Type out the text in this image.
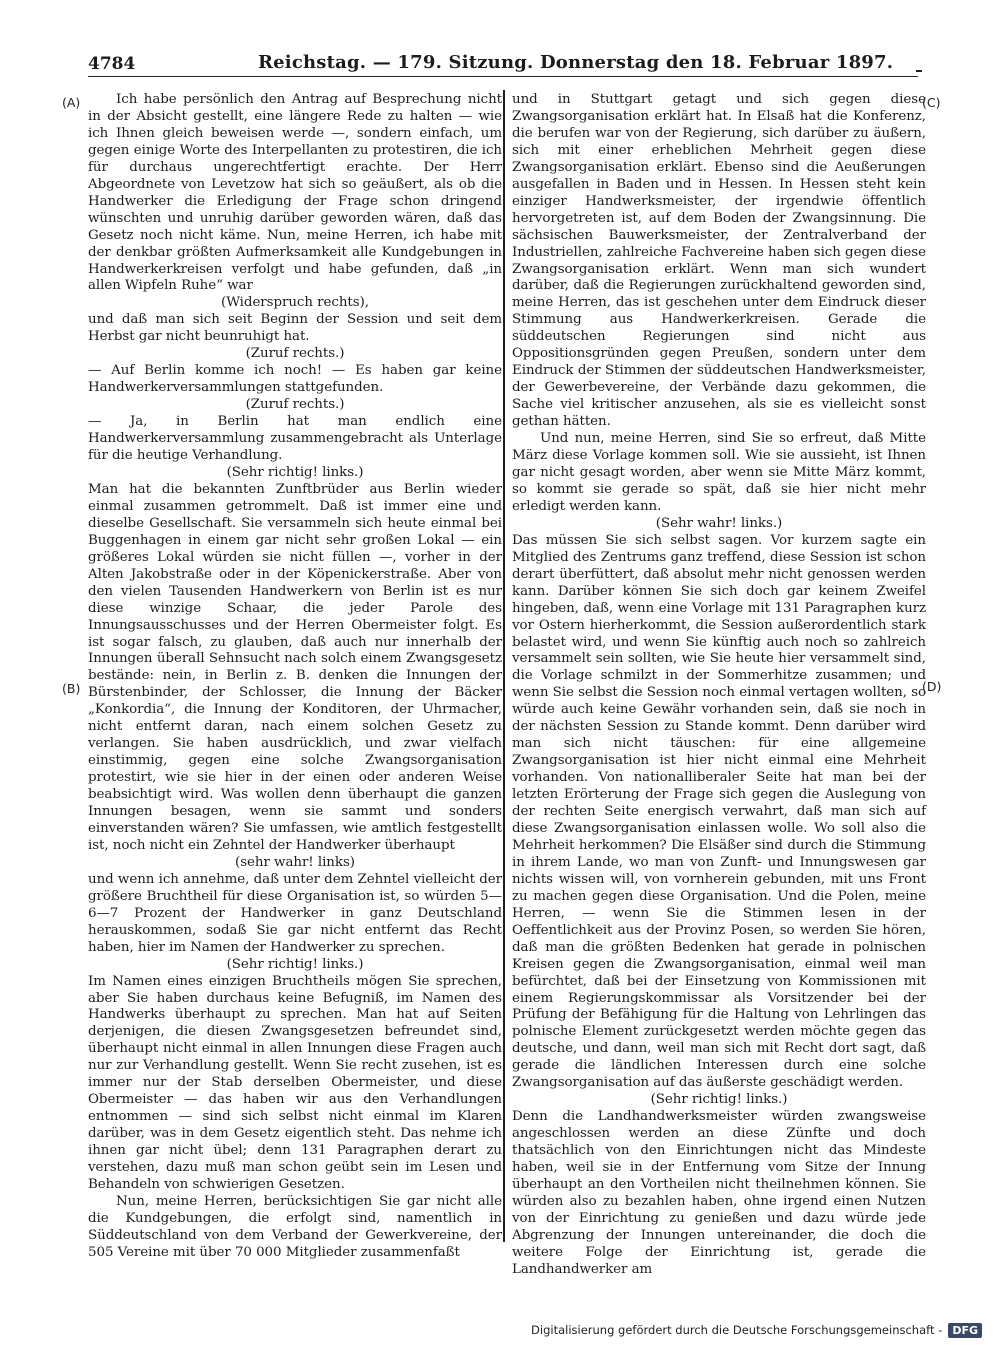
4784	Reichstag. — 179. Sitzung. Donnerstag den 18. Februar 1897.
(A)
(B)
(C)
(D)

Ich habe persönlich den Antrag auf Besprechung nicht in der Absicht gestellt, eine längere Rede zu halten — wie ich Ihnen gleich beweisen werde —, sondern einfach, um gegen einige Worte des Interpellanten zu protestiren, die ich für durchaus ungerechtfertigt erachte. Der Herr Abgeordnete von Levetzow hat sich so geäußert, als ob die Handwerker die Erledigung der Frage schon dringend wünschten und unruhig darüber geworden wären, daß das Gesetz noch nicht käme. Nun, meine Herren, ich habe mit der denkbar größten Aufmerksamkeit alle Kundgebungen in Handwerkerkreisen verfolgt und habe gefunden, daß „in allen Wipfeln Ruhe“ war

(Widerspruch rechts),

und daß man sich seit Beginn der Session und seit dem Herbst gar nicht beunruhigt hat.

(Zuruf rechts.)

— Auf Berlin komme ich noch! — Es haben gar keine Handwerkerversammlungen stattgefunden.

(Zuruf rechts.)

— Ja, in Berlin hat man endlich eine Handwerkerversammlung zusammengebracht als Unterlage für die heutige Verhandlung.

(Sehr richtig! links.)

Man hat die bekannten Zunftbrüder aus Berlin wieder einmal zusammen getrommelt. Daß ist immer eine und dieselbe Gesellschaft. Sie versammeln sich heute einmal bei Buggenhagen in einem gar nicht sehr großen Lokal — ein größeres Lokal würden sie nicht füllen —, vorher in der Alten Jakobstraße oder in der Köpenickerstraße. Aber von den vielen Tausenden Handwerkern von Berlin ist es nur diese winzige Schaar, die jeder Parole des Innungsausschusses und der Herren Obermeister folgt. Es ist sogar falsch, zu glauben, daß auch nur innerhalb der Innungen überall Sehnsucht nach solch einem Zwangsgesetz bestände: nein, in Berlin z. B. denken die Innungen der Bürstenbinder, der Schlosser, die Innung der Bäcker „Konkordia“, die Innung der Konditoren, der Uhrmacher, nicht entfernt daran, nach einem solchen Gesetz zu verlangen. Sie haben ausdrücklich, und zwar vielfach einstimmig, gegen eine solche Zwangsorganisation protestirt, wie sie hier in der einen oder anderen Weise beabsichtigt wird. Was wollen denn überhaupt die ganzen Innungen besagen, wenn sie sammt und sonders einverstanden wären? Sie umfassen, wie amtlich festgestellt ist, noch nicht ein Zehntel der Handwerker überhaupt

(sehr wahr! links)

und wenn ich annehme, daß unter dem Zehntel vielleicht der größere Bruchtheil für diese Organisation ist, so würden 5—6—7 Prozent der Handwerker in ganz Deutschland herauskommen, sodaß Sie gar nicht entfernt das Recht haben, hier im Namen der Handwerker zu sprechen.

(Sehr richtig! links.)

Im Namen eines einzigen Bruchtheils mögen Sie sprechen, aber Sie haben durchaus keine Befugniß, im Namen des Handwerks überhaupt zu sprechen. Man hat auf Seiten derjenigen, die diesen Zwangsgesetzen befreundet sind, überhaupt nicht einmal in allen Innungen diese Fragen auch nur zur Verhandlung gestellt. Wenn Sie recht zusehen, ist es immer nur der Stab derselben Obermeister, und diese Obermeister — das haben wir aus den Verhandlungen entnommen — sind sich selbst nicht einmal im Klaren darüber, was in dem Gesetz eigentlich steht. Das nehme ich ihnen gar nicht übel; denn 131 Paragraphen derart zu verstehen, dazu muß man schon geübt sein im Lesen und Behandeln von schwierigen Gesetzen.

Nun, meine Herren, berücksichtigen Sie gar nicht alle die Kundgebungen, die erfolgt sind, namentlich in Süddeutschland von dem Verband der Gewerkvereine, der 505 Vereine mit über 70 000 Mitglieder zusammenfaßt

und in Stuttgart getagt und sich gegen diese Zwangsorganisation erklärt hat. In Elsaß hat die Konferenz, die berufen war von der Regierung, sich darüber zu äußern, sich mit einer erheblichen Mehrheit gegen diese Zwangsorganisation erklärt. Ebenso sind die Aeußerungen ausgefallen in Baden und in Hessen. In Hessen steht kein einziger Handwerksmeister, der irgendwie öffentlich hervorgetreten ist, auf dem Boden der Zwangsinnung. Die sächsischen Bauwerksmeister, der Zentralverband der Industriellen, zahlreiche Fachvereine haben sich gegen diese Zwangsorganisation erklärt. Wenn man sich wundert darüber, daß die Regierungen zurückhaltend geworden sind, meine Herren, das ist geschehen unter dem Eindruck dieser Stimmung aus Handwerkerkreisen. Gerade die süddeutschen Regierungen sind nicht aus Oppositionsgründen gegen Preußen, sondern unter dem Eindruck der Stimmen der süddeutschen Handwerksmeister, der Gewerbevereine, der Verbände dazu gekommen, die Sache viel kritischer anzusehen, als sie es vielleicht sonst gethan hätten.

Und nun, meine Herren, sind Sie so erfreut, daß Mitte März diese Vorlage kommen soll. Wie sie aussieht, ist Ihnen gar nicht gesagt worden, aber wenn sie Mitte März kommt, so kommt sie gerade so spät, daß sie hier nicht mehr erledigt werden kann.

(Sehr wahr! links.)

Das müssen Sie sich selbst sagen. Vor kurzem sagte ein Mitglied des Zentrums ganz treffend, diese Session ist schon derart überfüttert, daß absolut mehr nicht genossen werden kann. Darüber können Sie sich doch gar keinem Zweifel hingeben, daß, wenn eine Vorlage mit 131 Paragraphen kurz vor Ostern hierherkommt, die Session außerordentlich stark belastet wird, und wenn Sie künftig auch noch so zahlreich versammelt sein sollten, wie Sie heute hier versammelt sind, die Vorlage schmilzt in der Sommerhitze zusammen; und wenn Sie selbst die Session noch einmal vertagen wollten, so würde auch keine Gewähr vorhanden sein, daß sie noch in der nächsten Session zu Stande kommt. Denn darüber wird man sich nicht täuschen: für eine allgemeine Zwangsorganisation ist hier nicht einmal eine Mehrheit vorhanden. Von nationalliberaler Seite hat man bei der letzten Erörterung der Frage sich gegen die Auslegung von der rechten Seite energisch verwahrt, daß man sich auf diese Zwangsorganisation einlassen wolle. Wo soll also die Mehrheit herkommen? Die Elsäßer sind durch die Stimmung in ihrem Lande, wo man von Zunft- und Innungswesen gar nichts wissen will, von vornherein gebunden, mit uns Front zu machen gegen diese Organisation. Und die Polen, meine Herren, — wenn Sie die Stimmen lesen in der Oeffentlichkeit aus der Provinz Posen, so werden Sie hören, daß man die größten Bedenken hat gerade in polnischen Kreisen gegen die Zwangsorganisation, einmal weil man befürchtet, daß bei der Einsetzung von Kommissionen mit einem Regierungskommissar als Vorsitzender bei der Prüfung der Befähigung für die Haltung von Lehrlingen das polnische Element zurückgesetzt werden möchte gegen das deutsche, und dann, weil man sich mit Recht dort sagt, daß gerade die ländlichen Interessen durch eine solche Zwangsorganisation auf das äußerste geschädigt werden.

(Sehr richtig! links.)

Denn die Landhandwerksmeister würden zwangsweise angeschlossen werden an diese Zünfte und doch thatsächlich von den Einrichtungen nicht das Mindeste haben, weil sie in der Entfernung vom Sitze der Innung überhaupt an den Vortheilen nicht theilnehmen können. Sie würden also zu bezahlen haben, ohne irgend einen Nutzen von der Einrichtung zu genießen und dazu würde jede Abgrenzung der Innungen untereinander, die doch die weitere Folge der Einrichtung ist, gerade die Landhandwerker am

Digitalisierung gefördert durch die Deutsche Forschungsgemeinschaft - DFG
